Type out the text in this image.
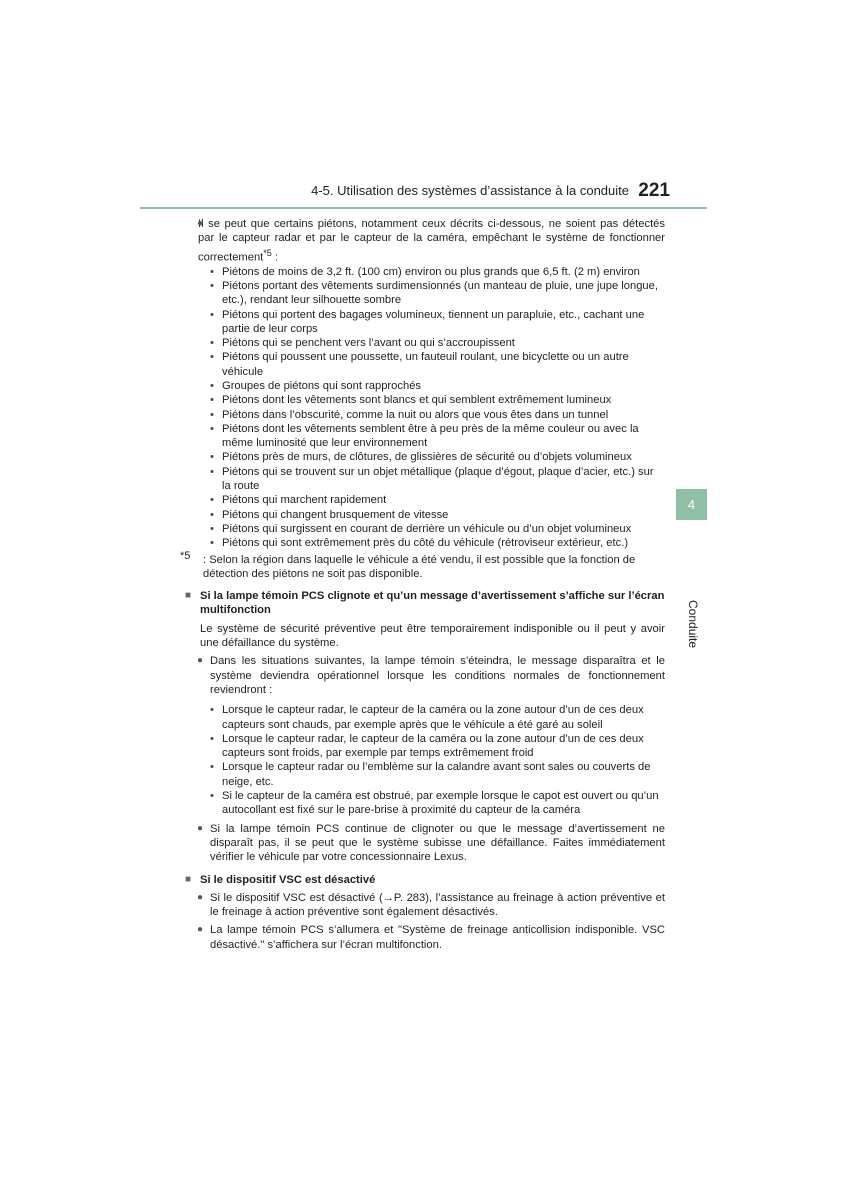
4-5. Utilisation des systèmes d’assistance à la conduite 221
4
Conduite

● Il se peut que certains piétons, notamment ceux décrits ci-dessous, ne soient pas détectés par le capteur radar et par le capteur de la caméra, empêchant le système de fonctionner correctement$^{*5}$ :

• Piétons de moins de 3,2 ft. (100 cm) environ ou plus grands que 6,5 ft. (2 m) environ
• Piétons portant des vêtements surdimensionnés (un manteau de pluie, une jupe longue, etc.), rendant leur silhouette sombre
• Piétons qui portent des bagages volumineux, tiennent un parapluie, etc., cachant une partie de leur corps
• Piétons qui se penchent vers l’avant ou qui s’accroupissent
• Piétons qui poussent une poussette, un fauteuil roulant, une bicyclette ou un autre véhicule
• Groupes de piétons qui sont rapprochés
• Piétons dont les vêtements sont blancs et qui semblent extrêmement lumineux
• Piétons dans l’obscurité, comme la nuit ou alors que vous êtes dans un tunnel
• Piétons dont les vêtements semblent être à peu près de la même couleur ou avec la même luminosité que leur environnement
• Piétons près de murs, de clôtures, de glissières de sécurité ou d’objets volumineux
• Piétons qui se trouvent sur un objet métallique (plaque d’égout, plaque d’acier, etc.) sur la route
• Piétons qui marchent rapidement
• Piétons qui changent brusquement de vitesse
• Piétons qui surgissent en courant de derrière un véhicule ou d’un objet volumineux
• Piétons qui sont extrêmement près du côté du véhicule (rétroviseur extérieur, etc.)

*5 : Selon la région dans laquelle le véhicule a été vendu, il est possible que la fonction de détection des piétons ne soit pas disponible.

■ Si la lampe témoin PCS clignote et qu’un message d’avertissement s’affiche sur l’écran multifonction

Le système de sécurité préventive peut être temporairement indisponible ou il peut y avoir une défaillance du système.

● Dans les situations suivantes, la lampe témoin s’éteindra, le message disparaîtra et le système deviendra opérationnel lorsque les conditions normales de fonctionnement reviendront :

• Lorsque le capteur radar, le capteur de la caméra ou la zone autour d’un de ces deux capteurs sont chauds, par exemple après que le véhicule a été garé au soleil
• Lorsque le capteur radar, le capteur de la caméra ou la zone autour d’un de ces deux capteurs sont froids, par exemple par temps extrêmement froid
• Lorsque le capteur radar ou l’emblème sur la calandre avant sont sales ou couverts de neige, etc.
• Si le capteur de la caméra est obstrué, par exemple lorsque le capot est ouvert ou qu’un autocollant est fixé sur le pare-brise à proximité du capteur de la caméra

● Si la lampe témoin PCS continue de clignoter ou que le message d’avertissement ne disparaît pas, il se peut que le système subisse une défaillance. Faites immédiatement vérifier le véhicule par votre concessionnaire Lexus.

■ Si le dispositif VSC est désactivé

● Si le dispositif VSC est désactivé (→P. 283), l’assistance au freinage à action préventive et le freinage à action préventive sont également désactivés.

● La lampe témoin PCS s’allumera et "Système de freinage anticollision indisponible. VSC désactivé." s’affichera sur l’écran multifonction.
